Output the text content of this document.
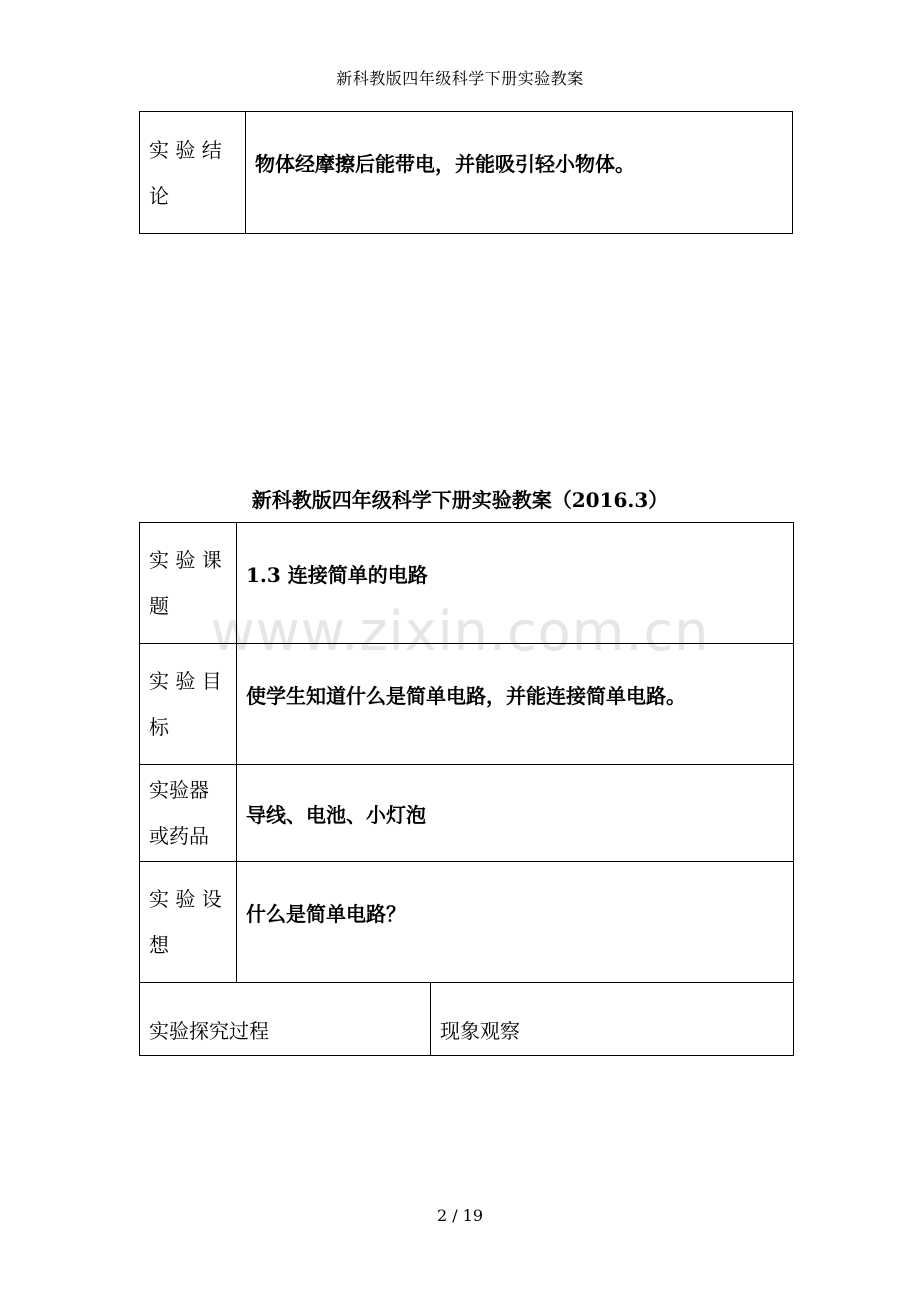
新科教版四年级科学下册实验教案
www.zixin.com.cn
实 验 结
论
	物体经摩擦后能带电，并能吸引轻小物体。
新科教版四年级科学下册实验教案（2016.3）
实 验 课
题	1.3 连接简单的电路	

实 验 目
标	使学生知道什么是简单电路，并能连接简单电路。	

实验器
或药品	导线、电池、小灯泡	

实 验 设
想	什么是简单电路？	
实验探究过程		现象观察
2 / 19
